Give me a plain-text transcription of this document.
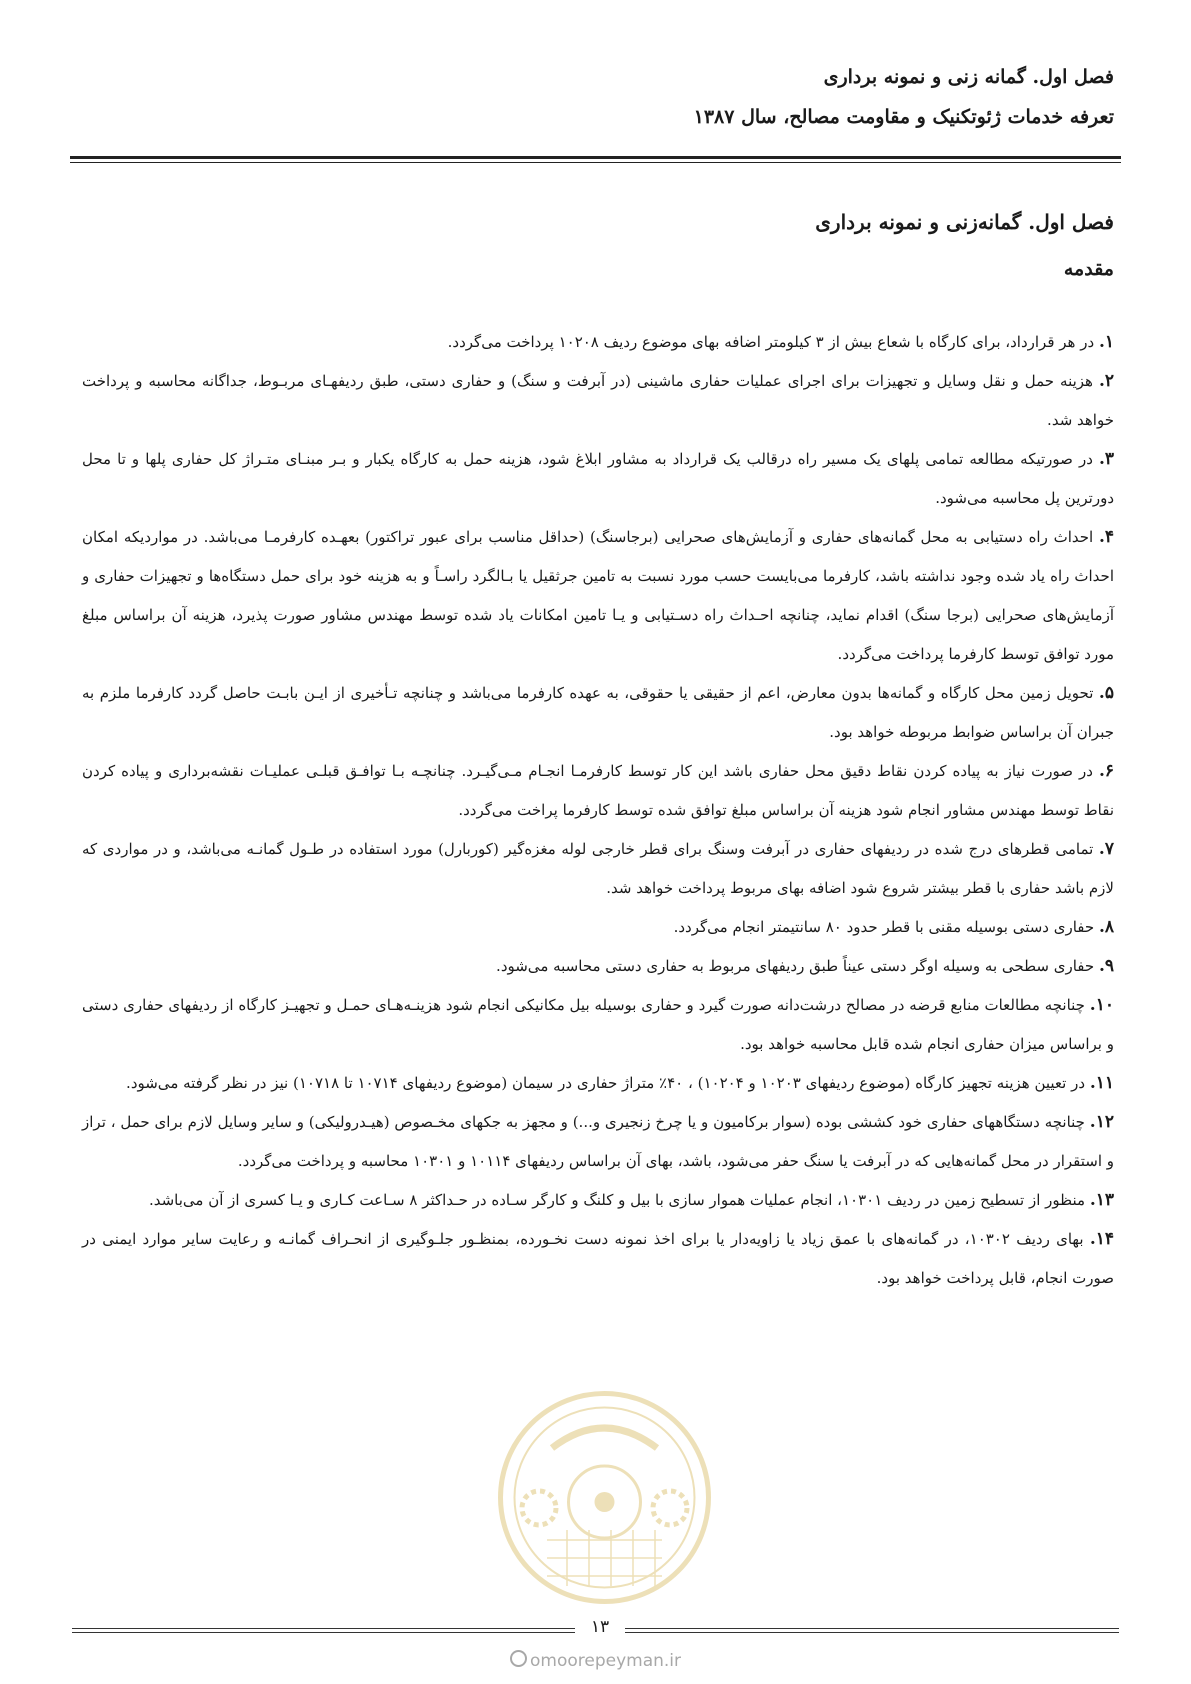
فصل اول. گمانه زنی و نمونه برداری
تعرفه خدمات ژئوتکنیک و مقاومت مصالح، سال ۱۳۸۷
فصل اول. گمانه‌زنی و نمونه برداری
مقدمه

۱. در هر قرارداد، برای کارگاه با شعاع بیش از ۳ کیلومتر اضافه بهای موضوع ردیف ۱۰۲۰۸ پرداخت می‌گردد.

۲. هزینه حمل و نقل وسایل و تجهیزات برای اجرای عملیات حفاری ماشینی (در آبرفت و سنگ) و حفاری دستی، طبق ردیفهـای مربـوط، جداگانه محاسبه و پرداخت خواهد شد.

۳. در صورتیکه مطالعه تمامی پلهای یک مسیر راه درقالب یک قرارداد به مشاور ابلاغ شود، هزینه حمل به کارگاه یکبار و بـر مبنـای متـراژ کل حفاری پلها و تا محل دورترین پل محاسبه می‌شود.

۴. احداث راه دستیابی به محل گمانه‌های حفاری و آزمایش‌های صحرایی (برجاسنگ) (حداقل مناسب برای عبور تراکتور) بعهـده کارفرمـا می‌باشد. در مواردیکه امکان احداث راه یاد شده وجود نداشته باشد، کارفرما می‌بایست حسب مورد نسبت به تامین جرثقیل یا بـالگرد راسـاً و به هزینه خود برای حمل دستگاه‌ها و تجهیزات حفاری و آزمایش‌های صحرایی (برجا سنگ) اقدام نماید، چنانچه احـداث راه دسـتیابی و یـا تامین امکانات یاد شده توسط مهندس مشاور صورت پذیرد، هزینه آن براساس مبلغ مورد توافق توسط کارفرما پرداخت می‌گردد.

۵. تحویل زمین محل کارگاه و گمانه‌ها بدون معارض، اعم از حقیقی یا حقوقی، به عهده کارفرما می‌باشد و چنانچه تـأخیری از ایـن بابـت حاصل گردد کارفرما ملزم به جبران آن براساس ضوابط مربوطه خواهد بود.

۶. در صورت نیاز به پیاده کردن نقاط دقیق محل حفاری باشد این کار توسط کارفرمـا انجـام مـی‌گیـرد. چنانچـه بـا توافـق قبلـی عملیـات نقشه‌برداری و پیاده کردن نقاط توسط مهندس مشاور انجام شود هزینه آن براساس مبلغ توافق شده توسط کارفرما پراخت می‌گردد.

۷. تمامی قطرهای درج شده در ردیفهای حفاری در آبرفت وسنگ برای قطر خارجی لوله مغزه‌گیر (کوربارل) مورد استفاده در طـول گمانـه می‌باشد، و در مواردی که لازم باشد حفاری با قطر بیشتر شروع شود اضافه بهای مربوط پرداخت خواهد شد.

۸. حفاری دستی بوسیله مقنی با قطر حدود ۸۰ سانتیمتر انجام می‌گردد.

۹. حفاری سطحی به وسیله اوگر دستی عیناً طبق ردیفهای مربوط به حفاری دستی محاسبه می‌شود.

۱۰. چنانچه مطالعات منابع قرضه در مصالح درشت‌دانه صورت گیرد و حفاری بوسیله بیل مکانیکی انجام شود هزینـه‌هـای حمـل و تجهیـز کارگاه از ردیفهای حفاری دستی و براساس میزان حفاری انجام شده قابل محاسبه خواهد بود.

۱۱. در تعیین هزینه تجهیز کارگاه (موضوع ردیفهای ۱۰۲۰۳ و ۱۰۲۰۴) ، ۴۰٪ متراژ حفاری در سیمان (موضوع ردیفهای ۱۰۷۱۴ تا ۱۰۷۱۸) نیز در نظر گرفته می‌شود.

۱۲. چنانچه دستگاههای حفاری خود کششی بوده (سوار برکامیون و یا چرخ زنجیری و...) و مجهز به جکهای مخـصوص (هیـدرولیکی) و سایر وسایل لازم برای حمل ، تراز و استقرار در محل گمانه‌هایی که در آبرفت یا سنگ حفر می‌شود، باشد، بهای آن براساس ردیفهای ۱۰۱۱۴ و ۱۰۳۰۱ محاسبه و پرداخت می‌گردد.

۱۳. منظور از تسطیح زمین در ردیف ۱۰۳۰۱، انجام عملیات هموار سازی با بیل و کلنگ و کارگر سـاده در حـداکثر ۸ سـاعت کـاری و یـا کسری از آن می‌باشد.

۱۴. بهای ردیف ۱۰۳۰۲، در گمانه‌های با عمق زیاد یا زاویه‌دار یا برای اخذ نمونه دست نخـورده، بمنظـور جلـوگیری از انحـراف گمانـه و رعایت سایر موارد ایمنی در صورت انجام، قابل پرداخت خواهد بود.

۱۳
omoorepeyman.ir
